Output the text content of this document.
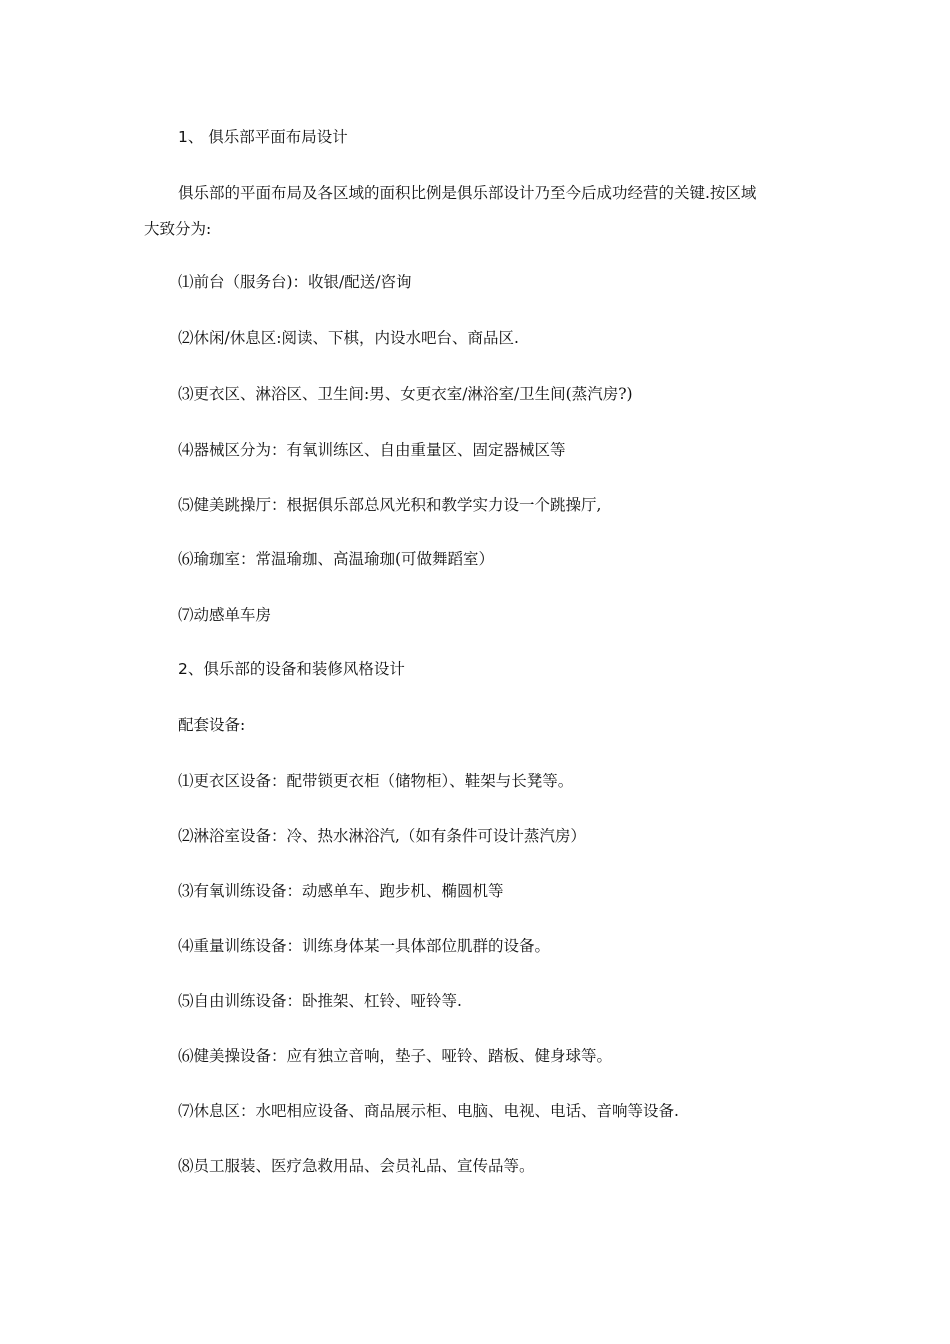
1、 俱乐部平面布局设计
俱乐部的平面布局及各区域的面积比例是俱乐部设计乃至今后成功经营的关键.按区域
大致分为:
⑴前台（服务台)：收银/配送/咨询
⑵休闲/休息区:阅读、下棋，内设水吧台、商品区.
⑶更衣区、淋浴区、卫生间:男、女更衣室/淋浴室/卫生间(蒸汽房?)
⑷器械区分为：有氧训练区、自由重量区、固定器械区等
⑸健美跳操厅：根据俱乐部总风光积和教学实力设一个跳操厅,
⑹瑜珈室：常温瑜珈、高温瑜珈(可做舞蹈室）
⑺动感单车房
2、俱乐部的设备和装修风格设计
配套设备:
⑴更衣区设备：配带锁更衣柜（储物柜）、鞋架与长凳等。
⑵淋浴室设备：冷、热水淋浴汽,（如有条件可设计蒸汽房）
⑶有氧训练设备：动感单车、跑步机、椭圆机等
⑷重量训练设备：训练身体某一具体部位肌群的设备。
⑸自由训练设备：卧推架、杠铃、哑铃等.
⑹健美操设备：应有独立音响，垫子、哑铃、踏板、健身球等。
⑺休息区：水吧相应设备、商品展示柜、电脑、电视、电话、音响等设备.
⑻员工服装、医疗急救用品、会员礼品、宣传品等。
